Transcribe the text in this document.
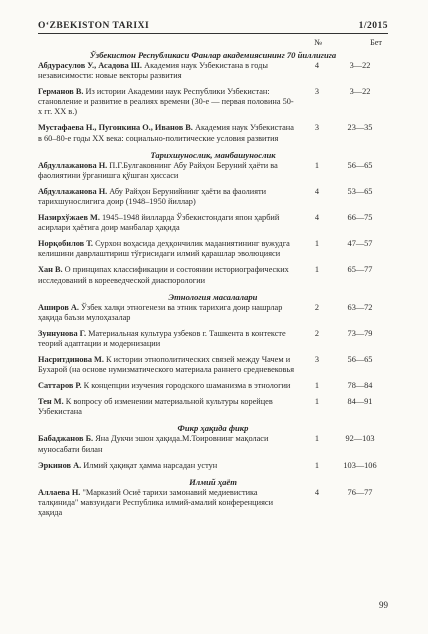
O‘ZBEKISTON TARIXI	1/2015
№	Бет
Ўзбекистон Республикаси Фанлар академиясининг 70 йиллигига
Абдурасулов У., Асадова Ш. Академия наук Узбекистана в годы независимости: новые векторы развития
4	3—22
Германов В. Из истории Академии наук Республики Узбекистан: становление и развитие в реалиях времени (30-е — первая половина 50-х гг. XX в.)
3	3—22
Мустафаева Н., Пугонкина О., Иванов В. Академия наук Узбекистана в 60–80-е годы XX века: социально-политические условия развития
3	23—35
Тарихшунослик, манбашунослик
Абдуллажанова Н. П.Г.Булгаковнинг Абу Райҳон Беруний ҳаёти ва фаолиятини ўрганишга қўшган ҳиссаси
1	56—65
Абдуллажанова Н. Абу Райҳон Берунийнинг ҳаёти ва фаолияти тарихшунослигига доир (1948–1950 йиллар)
4	53—65
Назирхўжаев М. 1945–1948 йилларда Ўзбекистондаги япон ҳарбий асирлари ҳаётига доир манбалар ҳақида
4	66—75
Норқобилов Т. Сурхон воҳасида деҳқончилик маданиятининг вужудга келишини даврлаштириш тўғрисидаги илмий қарашлар эволюцияси
1	47—57
Хан В. О принципах классификации и состоянии историографических исследований в корееведческой диаспорологии
1	65—77
Этнология масалалари
Аширов А. Ўзбек халқи этногенези ва этник тарихига доир нашрлар ҳақида баъзи мулоҳазалар
2	63—72
Зуннунова Г. Материальная культура узбеков г. Ташкента в контексте теорий адаптации и модернизации
2	73—79
Насритдинова М. К истории этнополитических связей между Чачем и Бухарой (на основе нумизматического материала раннего средневековья
3	56—65
Саттаров Р. К концепции изучения городского шаманизма в этнологии	1	78—84
Тен М. К вопросу об изменении материальной культуры корейцев Узбекистана
1	84—91
Фикр ҳақида фикр
Бабаджанов Б. Яна Дукчи эшон ҳақида.М.Тоировнинг мақоласи муносабати билан
1	92—103
Эркинов А. Илмий ҳақиқат ҳамма нарсадан устун	1	103—106
Илмий ҳаёт
Аллаева Н. "Марказий Осиё тарихи замонавий медиевистика талқинида" мавзуидаги Республика илмий-амалий конференцияси ҳақида
4	76—77
99
